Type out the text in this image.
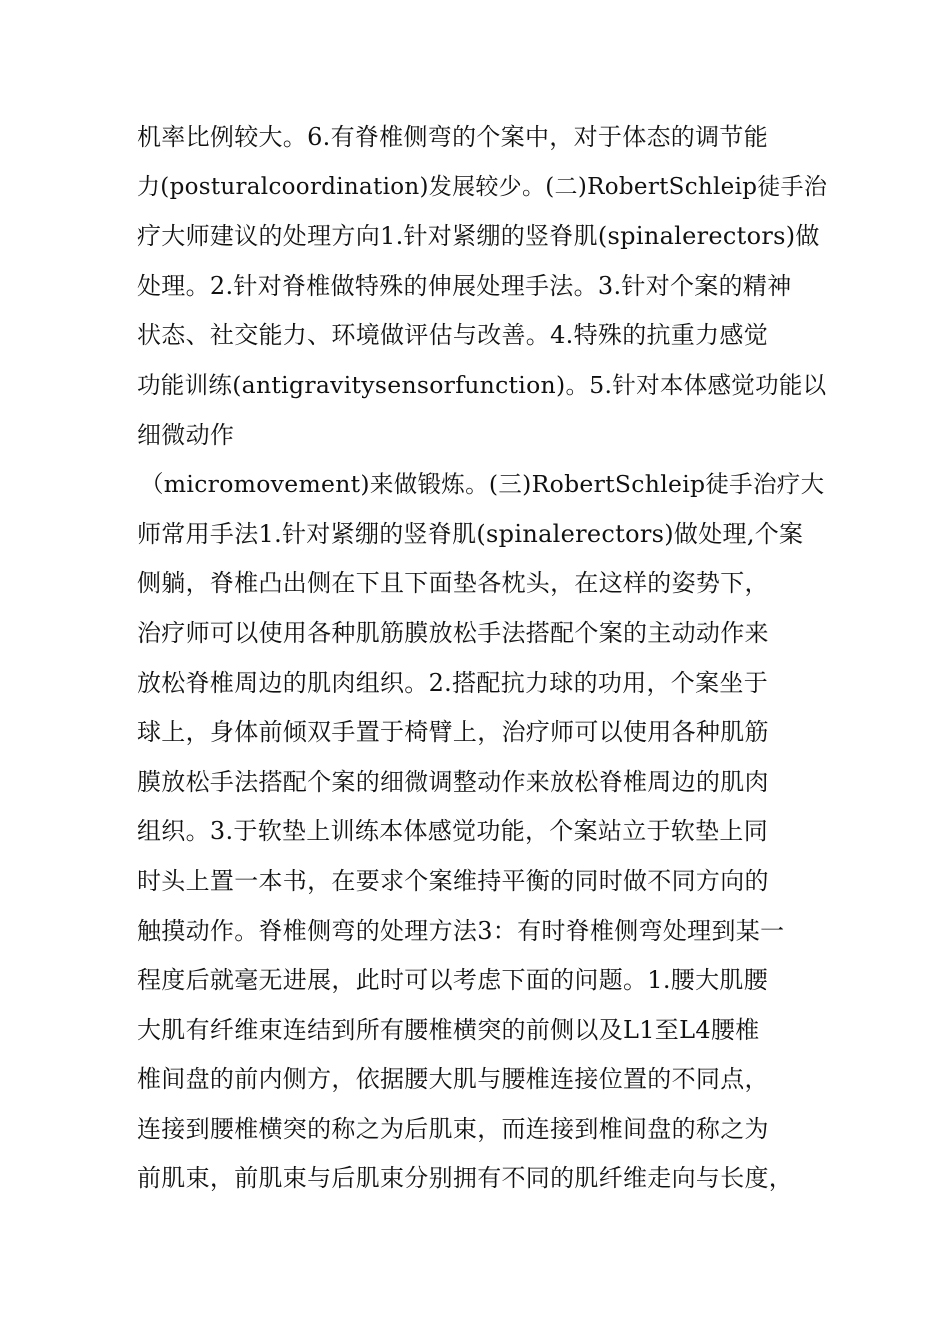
机率比例较大。6.有脊椎侧弯的个案中，对于体态的调节能
力(posturalcoordination)发展较少。(二)RobertSchleip徒手治
疗大师建议的处理方向1.针对紧绷的竖脊肌(spinalerectors)做
处理。2.针对脊椎做特殊的伸展处理手法。3.针对个案的精神
状态、社交能力、环境做评估与改善。4.特殊的抗重力感觉
功能训练(antigravitysensorfunction)。5.针对本体感觉功能以
细微动作
（micromovement)来做锻炼。(三)RobertSchleip徒手治疗大
师常用手法1.针对紧绷的竖脊肌(spinalerectors)做处理,个案
侧躺，脊椎凸出侧在下且下面垫各枕头，在这样的姿势下，
治疗师可以使用各种肌筋膜放松手法搭配个案的主动动作来
放松脊椎周边的肌肉组织。2.搭配抗力球的功用，个案坐于
球上，身体前倾双手置于椅臂上，治疗师可以使用各种肌筋
膜放松手法搭配个案的细微调整动作来放松脊椎周边的肌肉
组织。3.于软垫上训练本体感觉功能，个案站立于软垫上同
时头上置一本书，在要求个案维持平衡的同时做不同方向的
触摸动作。脊椎侧弯的处理方法3：有时脊椎侧弯处理到某一
程度后就毫无进展，此时可以考虑下面的问题。1.腰大肌腰
大肌有纤维束连结到所有腰椎横突的前侧以及L1至L4腰椎
椎间盘的前内侧方，依据腰大肌与腰椎连接位置的不同点，
连接到腰椎横突的称之为后肌束，而连接到椎间盘的称之为
前肌束，前肌束与后肌束分别拥有不同的肌纤维走向与长度，
